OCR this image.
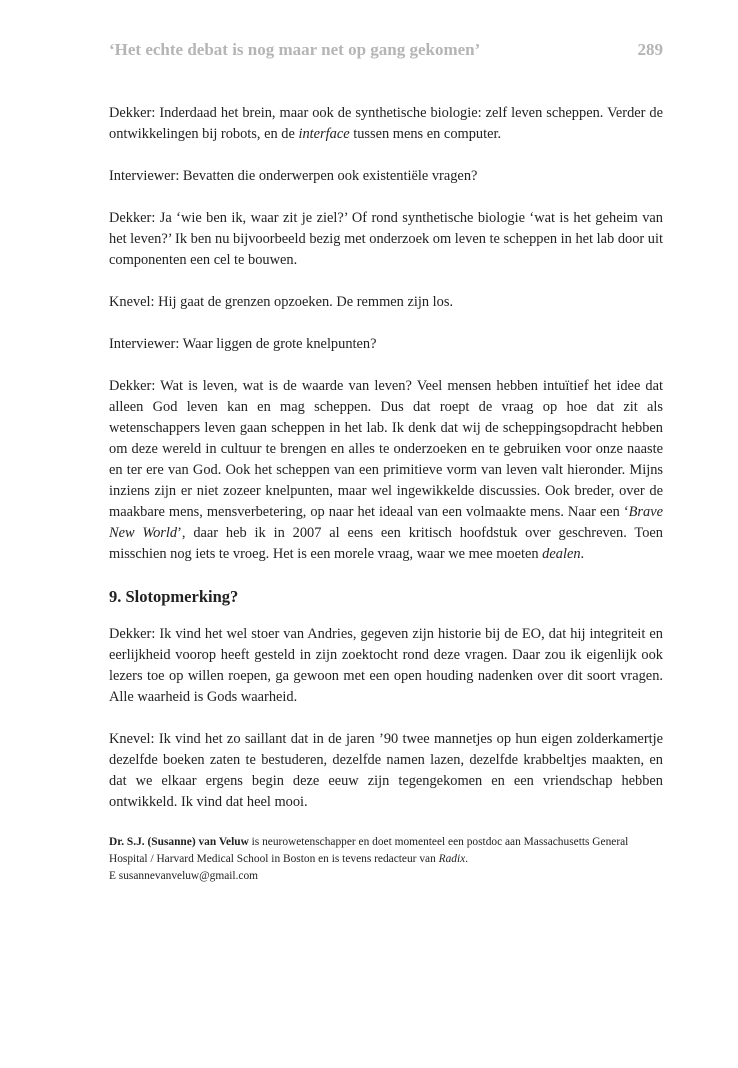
‘Het echte debat is nog maar net op gang gekomen’	289

Dekker: Inderdaad het brein, maar ook de synthetische biologie: zelf leven scheppen. Verder de ontwikkelingen bij robots, en de interface tussen mens en computer.

Interviewer: Bevatten die onderwerpen ook existentiële vragen?

Dekker: Ja ‘wie ben ik, waar zit je ziel?’ Of rond synthetische biologie ‘wat is het geheim van het leven?’ Ik ben nu bijvoorbeeld bezig met onderzoek om leven te scheppen in het lab door uit componenten een cel te bouwen.

Knevel: Hij gaat de grenzen opzoeken. De remmen zijn los.

Interviewer: Waar liggen de grote knelpunten?

Dekker: Wat is leven, wat is de waarde van leven? Veel mensen hebben intuïtief het idee dat alleen God leven kan en mag scheppen. Dus dat roept de vraag op hoe dat zit als wetenschappers leven gaan scheppen in het lab. Ik denk dat wij de scheppingsopdracht hebben om deze wereld in cultuur te brengen en alles te onderzoeken en te gebruiken voor onze naaste en ter ere van God. Ook het scheppen van een primitieve vorm van leven valt hieronder. Mijns inziens zijn er niet zozeer knelpunten, maar wel ingewikkelde discussies. Ook breder, over de maakbare mens, mensverbetering, op naar het ideaal van een volmaakte mens. Naar een ‘Brave New World’, daar heb ik in 2007 al eens een kritisch hoofdstuk over geschreven. Toen misschien nog iets te vroeg. Het is een morele vraag, waar we mee moeten dealen.

9. Slotopmerking?

Dekker: Ik vind het wel stoer van Andries, gegeven zijn historie bij de EO, dat hij integriteit en eerlijkheid voorop heeft gesteld in zijn zoektocht rond deze vragen. Daar zou ik eigenlijk ook lezers toe op willen roepen, ga gewoon met een open houding nadenken over dit soort vragen. Alle waarheid is Gods waarheid.

Knevel: Ik vind het zo saillant dat in de jaren ’90 twee mannetjes op hun eigen zolderkamertje dezelfde boeken zaten te bestuderen, dezelfde namen lazen, dezelfde krabbeltjes maakten, en dat we elkaar ergens begin deze eeuw zijn tegengekomen en een vriendschap hebben ontwikkeld. Ik vind dat heel mooi.

Dr. S.J. (Susanne) van Veluw is neurowetenschapper en doet momenteel een postdoc aan Massachusetts General Hospital / Harvard Medical School in Boston en is tevens redacteur van Radix.
E susannevanveluw@gmail.com
